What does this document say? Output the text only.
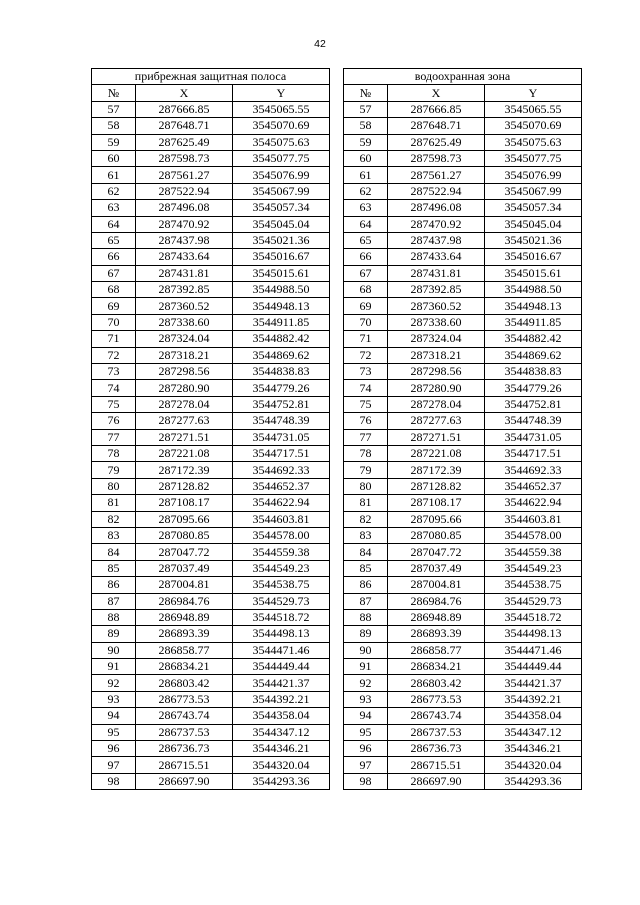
42
прибрежная защитная полоса		
№	X	Y
57	287666.85	3545065.55
58	287648.71	3545070.69
59	287625.49	3545075.63
60	287598.73	3545077.75
61	287561.27	3545076.99
62	287522.94	3545067.99
63	287496.08	3545057.34
64	287470.92	3545045.04
65	287437.98	3545021.36
66	287433.64	3545016.67
67	287431.81	3545015.61
68	287392.85	3544988.50
69	287360.52	3544948.13
70	287338.60	3544911.85
71	287324.04	3544882.42
72	287318.21	3544869.62
73	287298.56	3544838.83
74	287280.90	3544779.26
75	287278.04	3544752.81
76	287277.63	3544748.39
77	287271.51	3544731.05
78	287221.08	3544717.51
79	287172.39	3544692.33
80	287128.82	3544652.37
81	287108.17	3544622.94
82	287095.66	3544603.81
83	287080.85	3544578.00
84	287047.72	3544559.38
85	287037.49	3544549.23
86	287004.81	3544538.75
87	286984.76	3544529.73
88	286948.89	3544518.72
89	286893.39	3544498.13
90	286858.77	3544471.46
91	286834.21	3544449.44
92	286803.42	3544421.37
93	286773.53	3544392.21
94	286743.74	3544358.04
95	286737.53	3544347.12
96	286736.73	3544346.21
97	286715.51	3544320.04
98	286697.90	3544293.36
водоохранная зона		
№	X	Y
57	287666.85	3545065.55
58	287648.71	3545070.69
59	287625.49	3545075.63
60	287598.73	3545077.75
61	287561.27	3545076.99
62	287522.94	3545067.99
63	287496.08	3545057.34
64	287470.92	3545045.04
65	287437.98	3545021.36
66	287433.64	3545016.67
67	287431.81	3545015.61
68	287392.85	3544988.50
69	287360.52	3544948.13
70	287338.60	3544911.85
71	287324.04	3544882.42
72	287318.21	3544869.62
73	287298.56	3544838.83
74	287280.90	3544779.26
75	287278.04	3544752.81
76	287277.63	3544748.39
77	287271.51	3544731.05
78	287221.08	3544717.51
79	287172.39	3544692.33
80	287128.82	3544652.37
81	287108.17	3544622.94
82	287095.66	3544603.81
83	287080.85	3544578.00
84	287047.72	3544559.38
85	287037.49	3544549.23
86	287004.81	3544538.75
87	286984.76	3544529.73
88	286948.89	3544518.72
89	286893.39	3544498.13
90	286858.77	3544471.46
91	286834.21	3544449.44
92	286803.42	3544421.37
93	286773.53	3544392.21
94	286743.74	3544358.04
95	286737.53	3544347.12
96	286736.73	3544346.21
97	286715.51	3544320.04
98	286697.90	3544293.36
